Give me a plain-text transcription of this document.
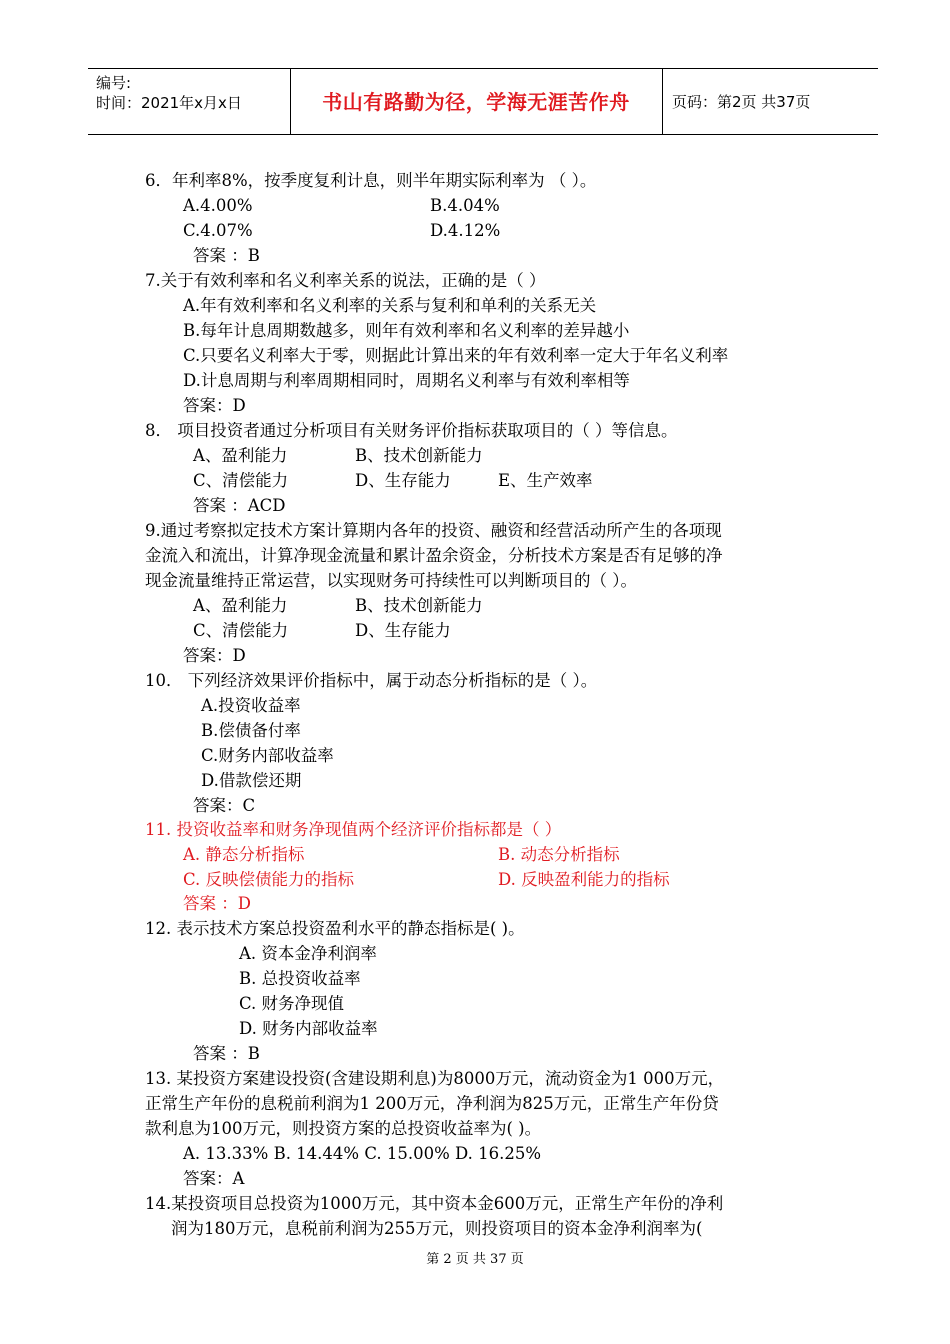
编号:
时间：2021年x月x日	书山有路勤为径，学海无涯苦作舟	页码：第2页 共37页
6．年利率8%，按季度复利计息，则半年期实际利率为 （ ）。
A.4.00%	B.4.04%
C.4.07%	D.4.12%
答案 ：B
7.关于有效利率和名义利率关系的说法，正确的是（ ）
A.年有效利率和名义利率的关系与复利和单利的关系无关
B.每年计息周期数越多，则年有效利率和名义利率的差异越小
C.只要名义利率大于零，则据此计算出来的年有效利率一定大于年名义利率
D.计息周期与利率周期相同时，周期名义利率与有效利率相等
答案：D
8． 项目投资者通过分析项目有关财务评价指标获取项目的（ ）等信息。
A、盈利能力	B、技术创新能力
C、清偿能力	D、生存能力	E、生产效率
答案 ：ACD
9.通过考察拟定技术方案计算期内各年的投资、融资和经营活动所产生的各项现
金流入和流出，计算净现金流量和累计盈余资金，分析技术方案是否有足够的净
现金流量维持正常运营，以实现财务可持续性可以判断项目的（ ）。
A、盈利能力	B、技术创新能力
C、清偿能力	D、生存能力
答案：D
10． 下列经济效果评价指标中，属于动态分析指标的是（ ）。
A.投资收益率
B.偿债备付率
C.财务内部收益率
D.借款偿还期
答案：C
11. 投资收益率和财务净现值两个经济评价指标都是（ ）
A. 静态分析指标	B. 动态分析指标
C. 反映偿债能力的指标	D. 反映盈利能力的指标
答案 ：D
12. 表示技术方案总投资盈利水平的静态指标是( )。
A. 资本金净利润率
B. 总投资收益率
C. 财务净现值
D. 财务内部收益率
答案 ：B
13. 某投资方案建设投资(含建设期利息)为8000万元，流动资金为1 000万元，
正常生产年份的息税前利润为1 200万元，净利润为825万元，正常生产年份贷
款利息为100万元，则投资方案的总投资收益率为( )。
A. 13.33% B. 14.44% C. 15.00% D. 16.25%
答案：A
14.某投资项目总投资为1000万元，其中资本金600万元，正常生产年份的净利
润为180万元，息税前利润为255万元，则投资项目的资本金净利润率为(
第 2 页 共 37 页
